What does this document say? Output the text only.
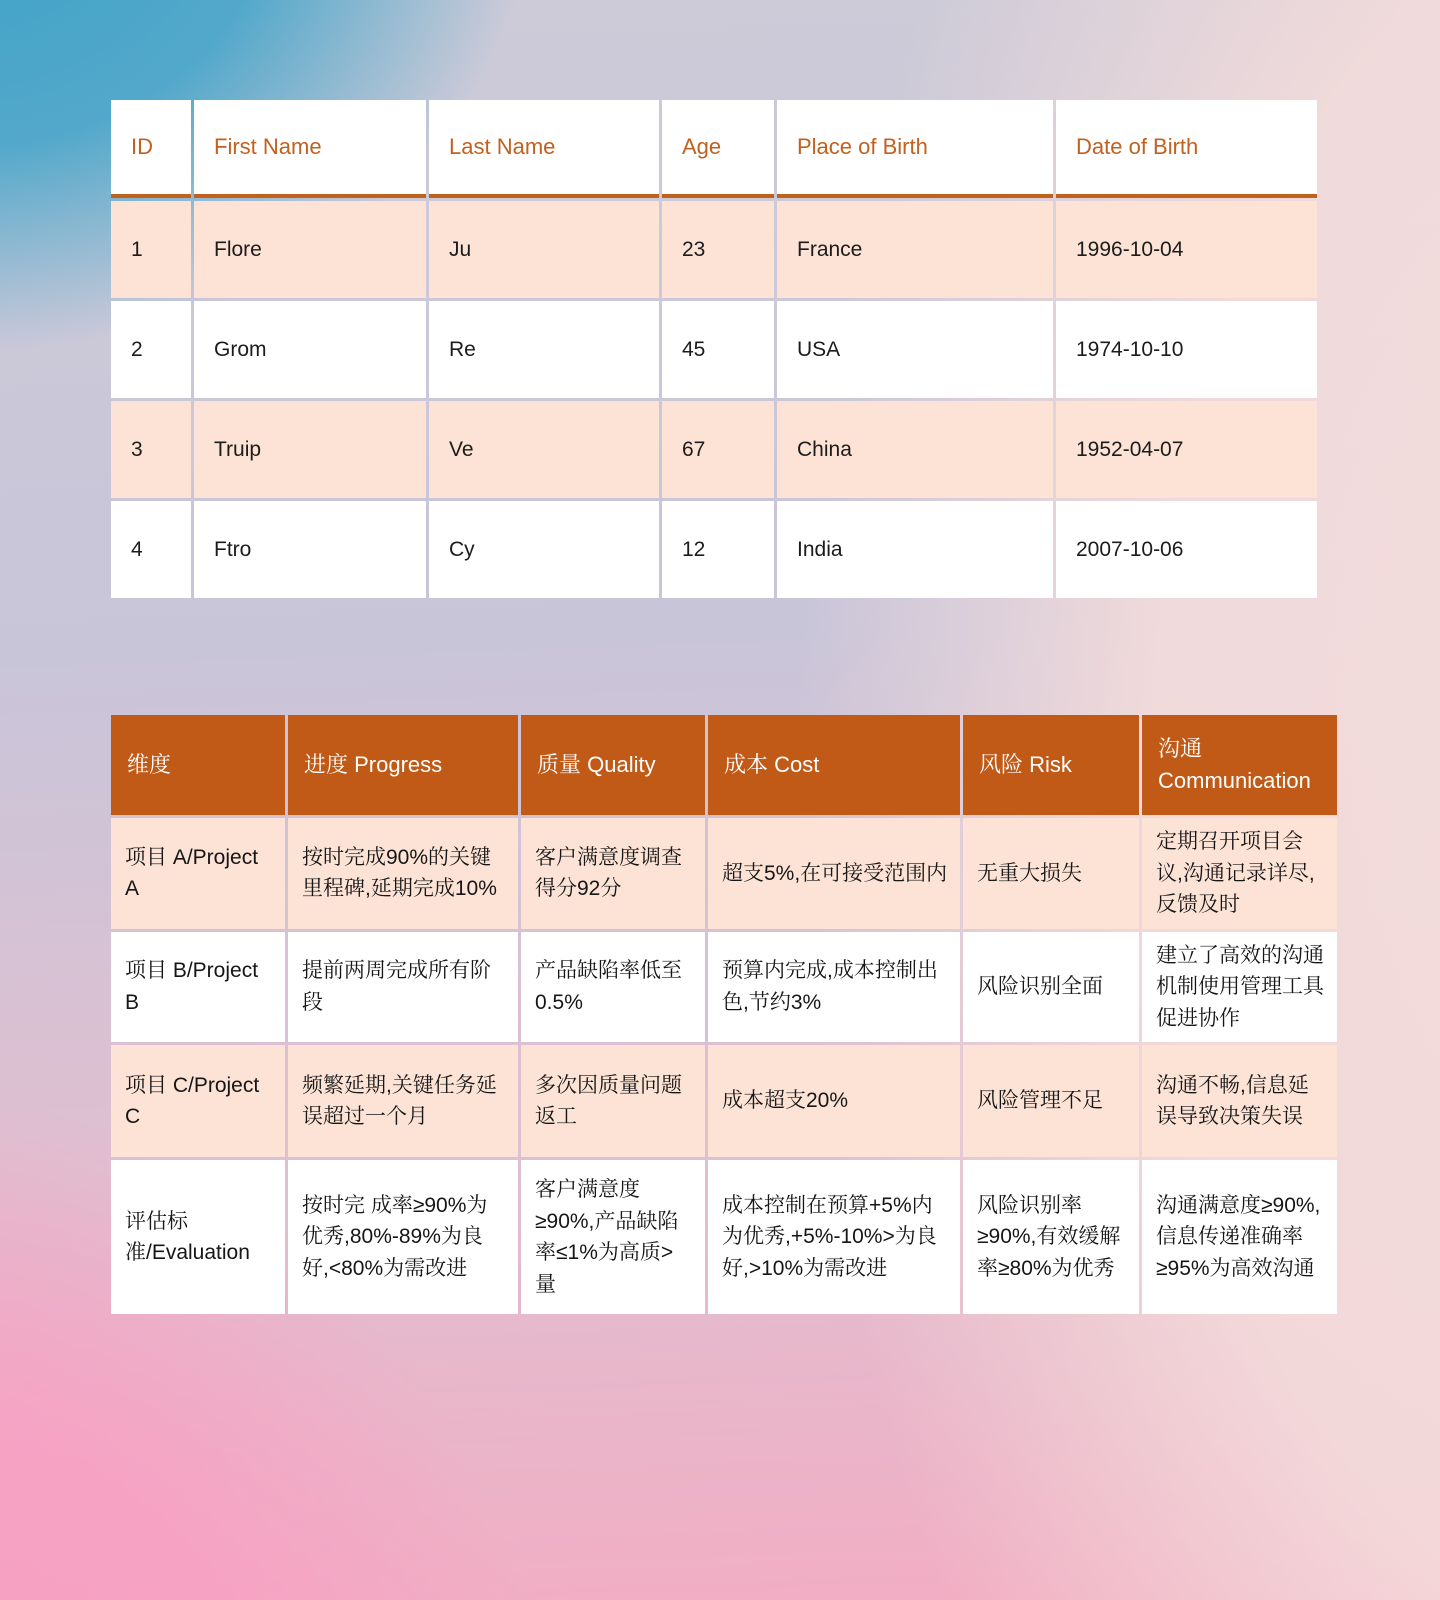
ID	First Name	Last Name	Age	Place of Birth	Date of Birth
1	Flore	Ju	23	France	1996-10-04
2	Grom	Re	45	USA	1974-10-10
3	Truip	Ve	67	China	1952-04-07
4	Ftro	Cy	12	India	2007-10-06
维度	进度 Progress	质量 Quality	成本 Cost	风险 Risk	沟通 Communication
项目 A/Project A	按时完成90%的关键里程碑,延期完成10%	客户满意度调查得分92分	超支5%,在可接受范围内	无重大损失	定期召开项目会议,沟通记录详尽,反馈及时
项目 B/Project B	提前两周完成所有阶段	产品缺陷率低至0.5%	预算内完成,成本控制出色,节约3%	风险识别全面	建立了高效的沟通机制使用管理工具促进协作
项目 C/Project C	频繁延期,关键任务延误超过一个月	多次因质量问题返工	成本超支20%	风险管理不足	沟通不畅,信息延误导致决策失误
评估标准/Evaluation	按时完 成率≥90%为优秀,80%-89%为良好,<80%为需改进	客户满意度≥90%,产品缺陷率≤1%为高质>量	成本控制在预算+5%内为优秀,+5%-10%>为良好,>10%为需改进	风险识别率≥90%,有效缓解率≥80%为优秀	沟通满意度≥90%,信息传递准确率≥95%为高效沟通
